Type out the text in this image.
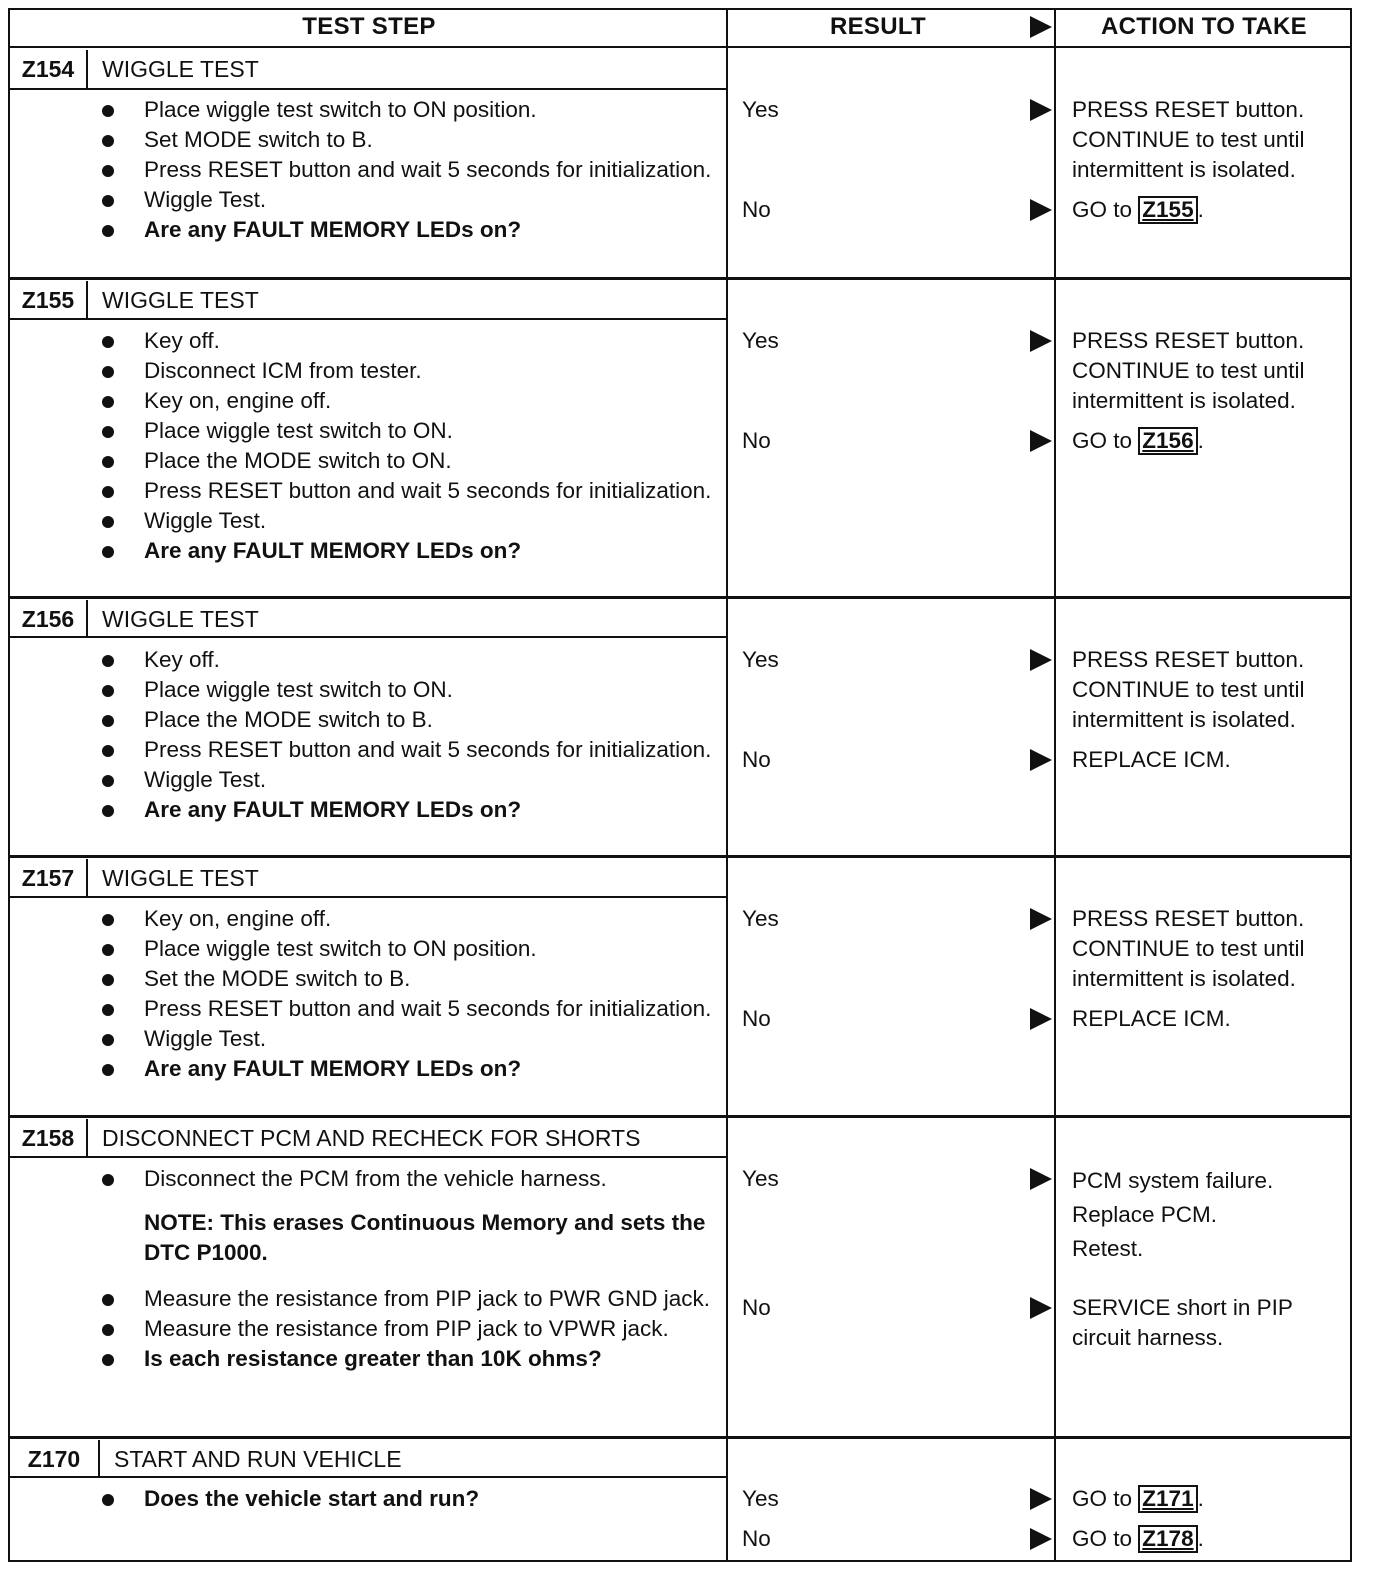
TEST STEP	RESULT	ACTION TO TAKE
Z154	WIGGLE TEST
Place wiggle test switch to ON position.
Set MODE switch to B.
Press RESET button and wait 5 seconds for initialization.
Wiggle Test.
Are any FAULT MEMORY LEDs on?
Yes	PRESS RESET button. CONTINUE to test until intermittent is isolated.
No	GO to Z155 .
Z155	WIGGLE TEST
Key off.
Disconnect ICM from tester.
Key on, engine off.
Place wiggle test switch to ON.
Place the MODE switch to ON.
Press RESET button and wait 5 seconds for initialization.
Wiggle Test.
Are any FAULT MEMORY LEDs on?
Yes	PRESS RESET button. CONTINUE to test until intermittent is isolated.
No	GO to Z156 .
Z156	WIGGLE TEST
Key off.
Place wiggle test switch to ON.
Place the MODE switch to B.
Press RESET button and wait 5 seconds for initialization.
Wiggle Test.
Are any FAULT MEMORY LEDs on?
Yes	PRESS RESET button. CONTINUE to test until intermittent is isolated.
No	REPLACE ICM.
Z157	WIGGLE TEST
Key on, engine off.
Place wiggle test switch to ON position.
Set the MODE switch to B.
Press RESET button and wait 5 seconds for initialization.
Wiggle Test.
Are any FAULT MEMORY LEDs on?
Yes	PRESS RESET button. CONTINUE to test until intermittent is isolated.
No	REPLACE ICM.
Z158	DISCONNECT PCM AND RECHECK FOR SHORTS
Disconnect the PCM from the vehicle harness.
NOTE: This erases Continuous Memory and sets the DTC P1000.
Measure the resistance from PIP jack to PWR GND jack.
Measure the resistance from PIP jack to VPWR jack.
Is each resistance greater than 10K ohms?
Yes	PCM system failure. Replace PCM. Retest.
No	SERVICE short in PIP circuit harness.
Z170	START AND RUN VEHICLE
Does the vehicle start and run?	Yes	GO to Z171 .
No	GO to Z178 .
